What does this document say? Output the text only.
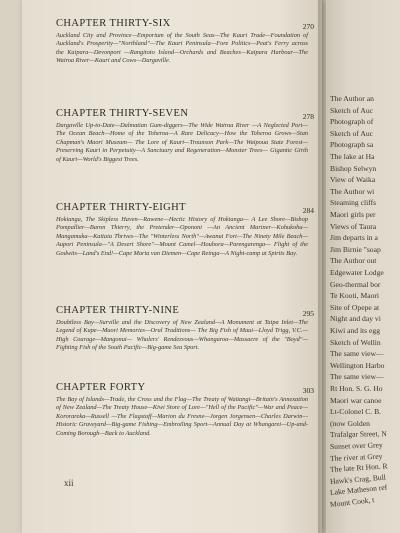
CHAPTER THIRTY-SIX	270

Auckland City and Province—Emporium of the South Seas—The Kauri Trade—Foundation of Auckland's Prosperity—"Northland"—The Kauri Peninsula—Fore Politics—Peat's Ferry across the Kaipara—Devonport —Rangitoto Island—Orchards and Beaches—Kaipara Harbour—The Wairoa River—Kauri and Cows—Dargaville.

CHAPTER THIRTY-SEVEN	278

Dargaville Up-to-Date—Dalmatian Gum-diggers—The Wide Wairoa River —A Neglected Port—The Ocean Beach—Home of the Toheroa—A Rare Delicacy—How the Toheroa Grows—Stan Chapman's Maori Museum— The Lore of Kauri—Trounson Park—The Waipoua State Forest—Preserving Kauri in Perpetuity—A Sanctuary and Regeneration—Monster Trees— Gigantic Girth of Kauri—World's Biggest Trees.

CHAPTER THIRTY-EIGHT	284

Hokianga, The Skipless Haven—Rawene—Hectic History of Hokianga— A Lee Shore—Bishop Pompallier—Baron Thierry, the Pretender—Opononi —An Ancient Mariner—Kohukohu—Mangamuka—Kaitaia Thrives—The "Winterless North"—Awanui Fort—The Ninety Mile Beach—Aupori Peninsula—"A Desert Shore"—Mount Camel—Houhora—Parengarenga— Flight of the Godwits—Land's End!—Cape Maria van Diemen—Cape Reinga—A Night-camp at Spirits Bay.

CHAPTER THIRTY-NINE	295

Doubtless Bay—Surville and the Discovery of New Zealand—A Monument at Taipa Inlet—The Legend of Kupe—Maori Memories—Oral Traditions— The Big Fish of Maui—Lloyd Trigg, V.C.—High Courage—Mangonui— Whalers' Rendezvous—Whangaroa—Massacre of the "Boyd"—Fighting Fish of the South Pacific—Big-game Sea Sport.

CHAPTER FORTY	303

The Bay of Islands—Trade, the Cross and the Flag—The Treaty of Waitangi—Britain's Annexation of New Zealand—The Treaty House—Kiwi Store of Lore—"Hell of the Pacific"—War and Peace—Kororareka—Russell —The Flagstaff—Marion du Fresne—Jorgen Jorgensen—Charles Darwin— Historic Graveyard—Big-game Fishing—Embroiling Sport—Annual Day at Whangarei—Up-and-Coming Borough—Back to Auckland.

xii
The Author an
Sketch of Auc
Photograph of
Sketch of Auc
Photograph sa
The lake at Ha
Bishop Selwyn
View of Waika
The Author wi
Steaming cliffs
Maori girls per
Views of Taura
Jim departs in a
Jim Birnie "soap
The Author out
Edgewater Lodge
Geo-thermal bor
Te Kooti, Maori
Site of Opepe at
Night and day vi
Kiwi and its egg
Sketch of Wellin
The same view—
Wellington Harbo
The same view—
Rt Hon. S. G. Ho
Maori war canoe
Lt-Colonel C. B.
(now Golden
Trafalgar Street, N
Sunset over Grey
The river at Grey
The late Rt Hon. R
Hawk's Crag, Bull
Lake Matheson ref
Mount Cook, t
